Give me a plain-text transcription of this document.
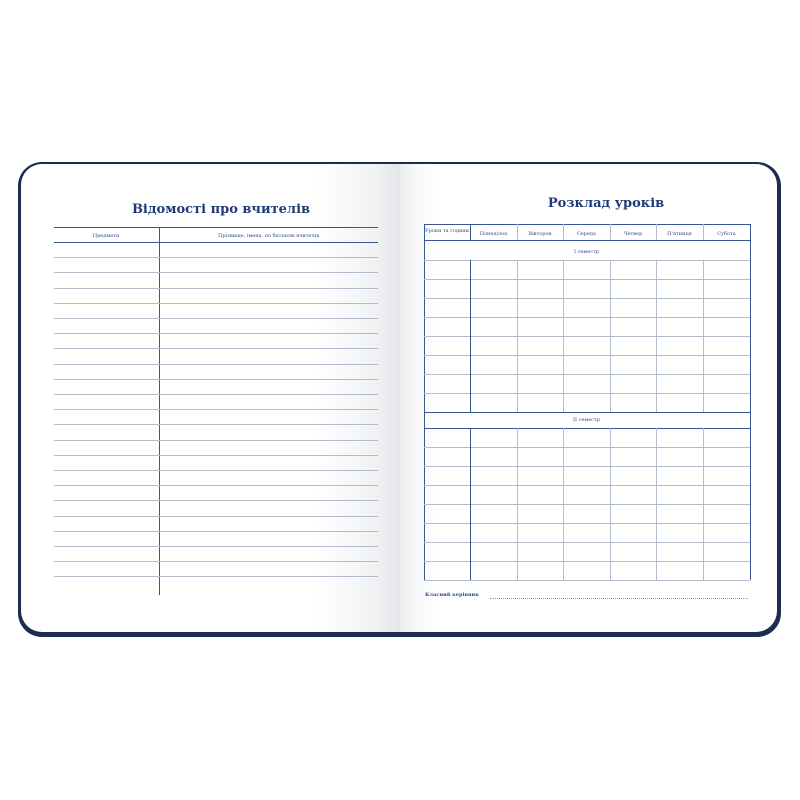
Відомості про вчителів
Предмети	Прізвище, імена, по батькові вчителів
Розклад уроків
Уроки та години	Понеділок	Вівторок	Середа	Четвер	П'ятниця	Субота
І семестр
ІІ семестр
Класний керівник
